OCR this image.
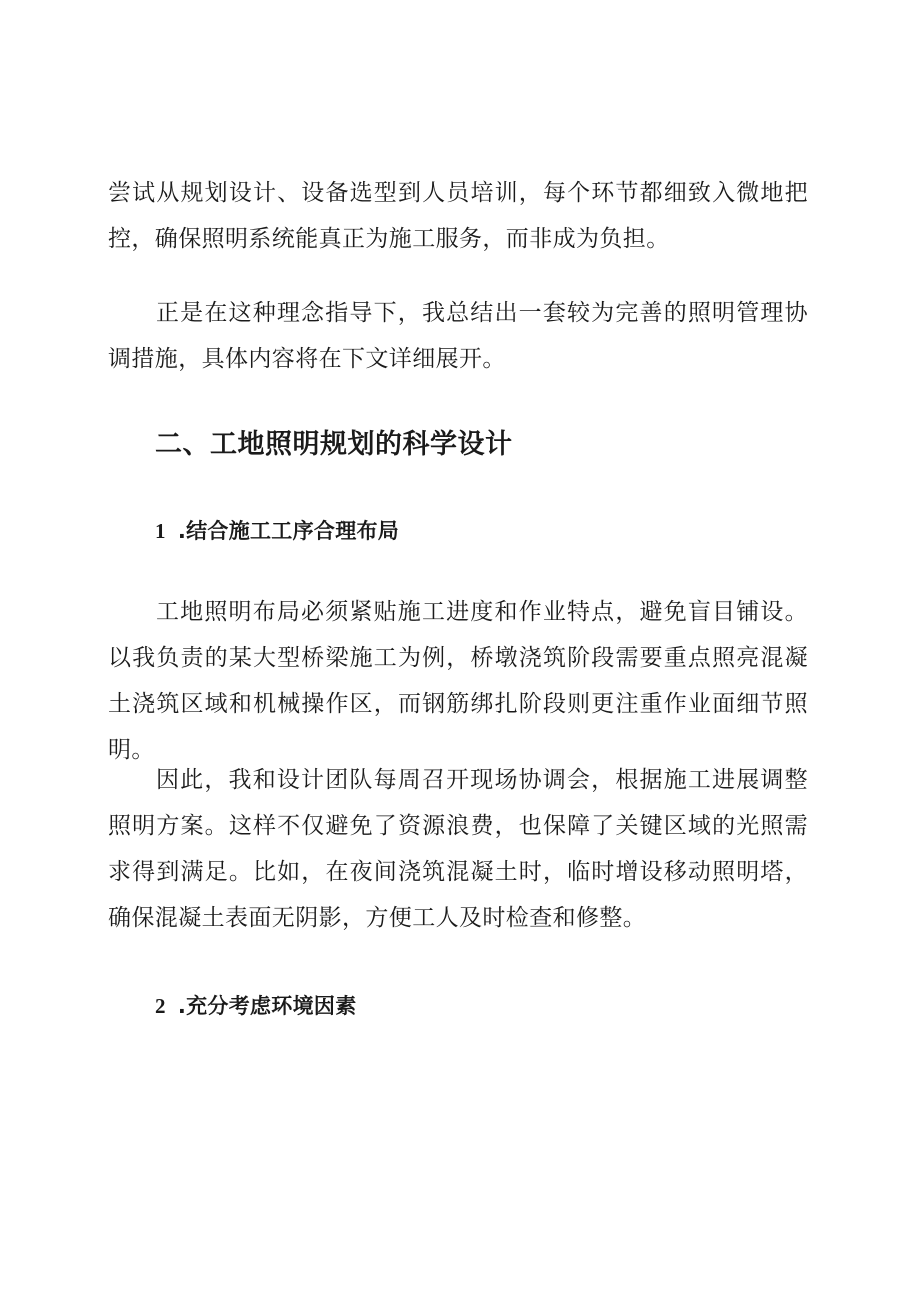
尝试从规划设计、设备选型到人员培训，每个环节都细致入微地把控，确保照明系统能真正为施工服务，而非成为负担。

正是在这种理念指导下，我总结出一套较为完善的照明管理协调措施，具体内容将在下文详细展开。

二、工地照明规划的科学设计
1 .结合施工工序合理布局

工地照明布局必须紧贴施工进度和作业特点，避免盲目铺设。以我负责的某大型桥梁施工为例，桥墩浇筑阶段需要重点照亮混凝土浇筑区域和机械操作区，而钢筋绑扎阶段则更注重作业面细节照明。

因此，我和设计团队每周召开现场协调会，根据施工进展调整照明方案。这样不仅避免了资源浪费，也保障了关键区域的光照需求得到满足。比如，在夜间浇筑混凝土时，临时增设移动照明塔，确保混凝土表面无阴影，方便工人及时检查和修整。

2 .充分考虑环境因素
